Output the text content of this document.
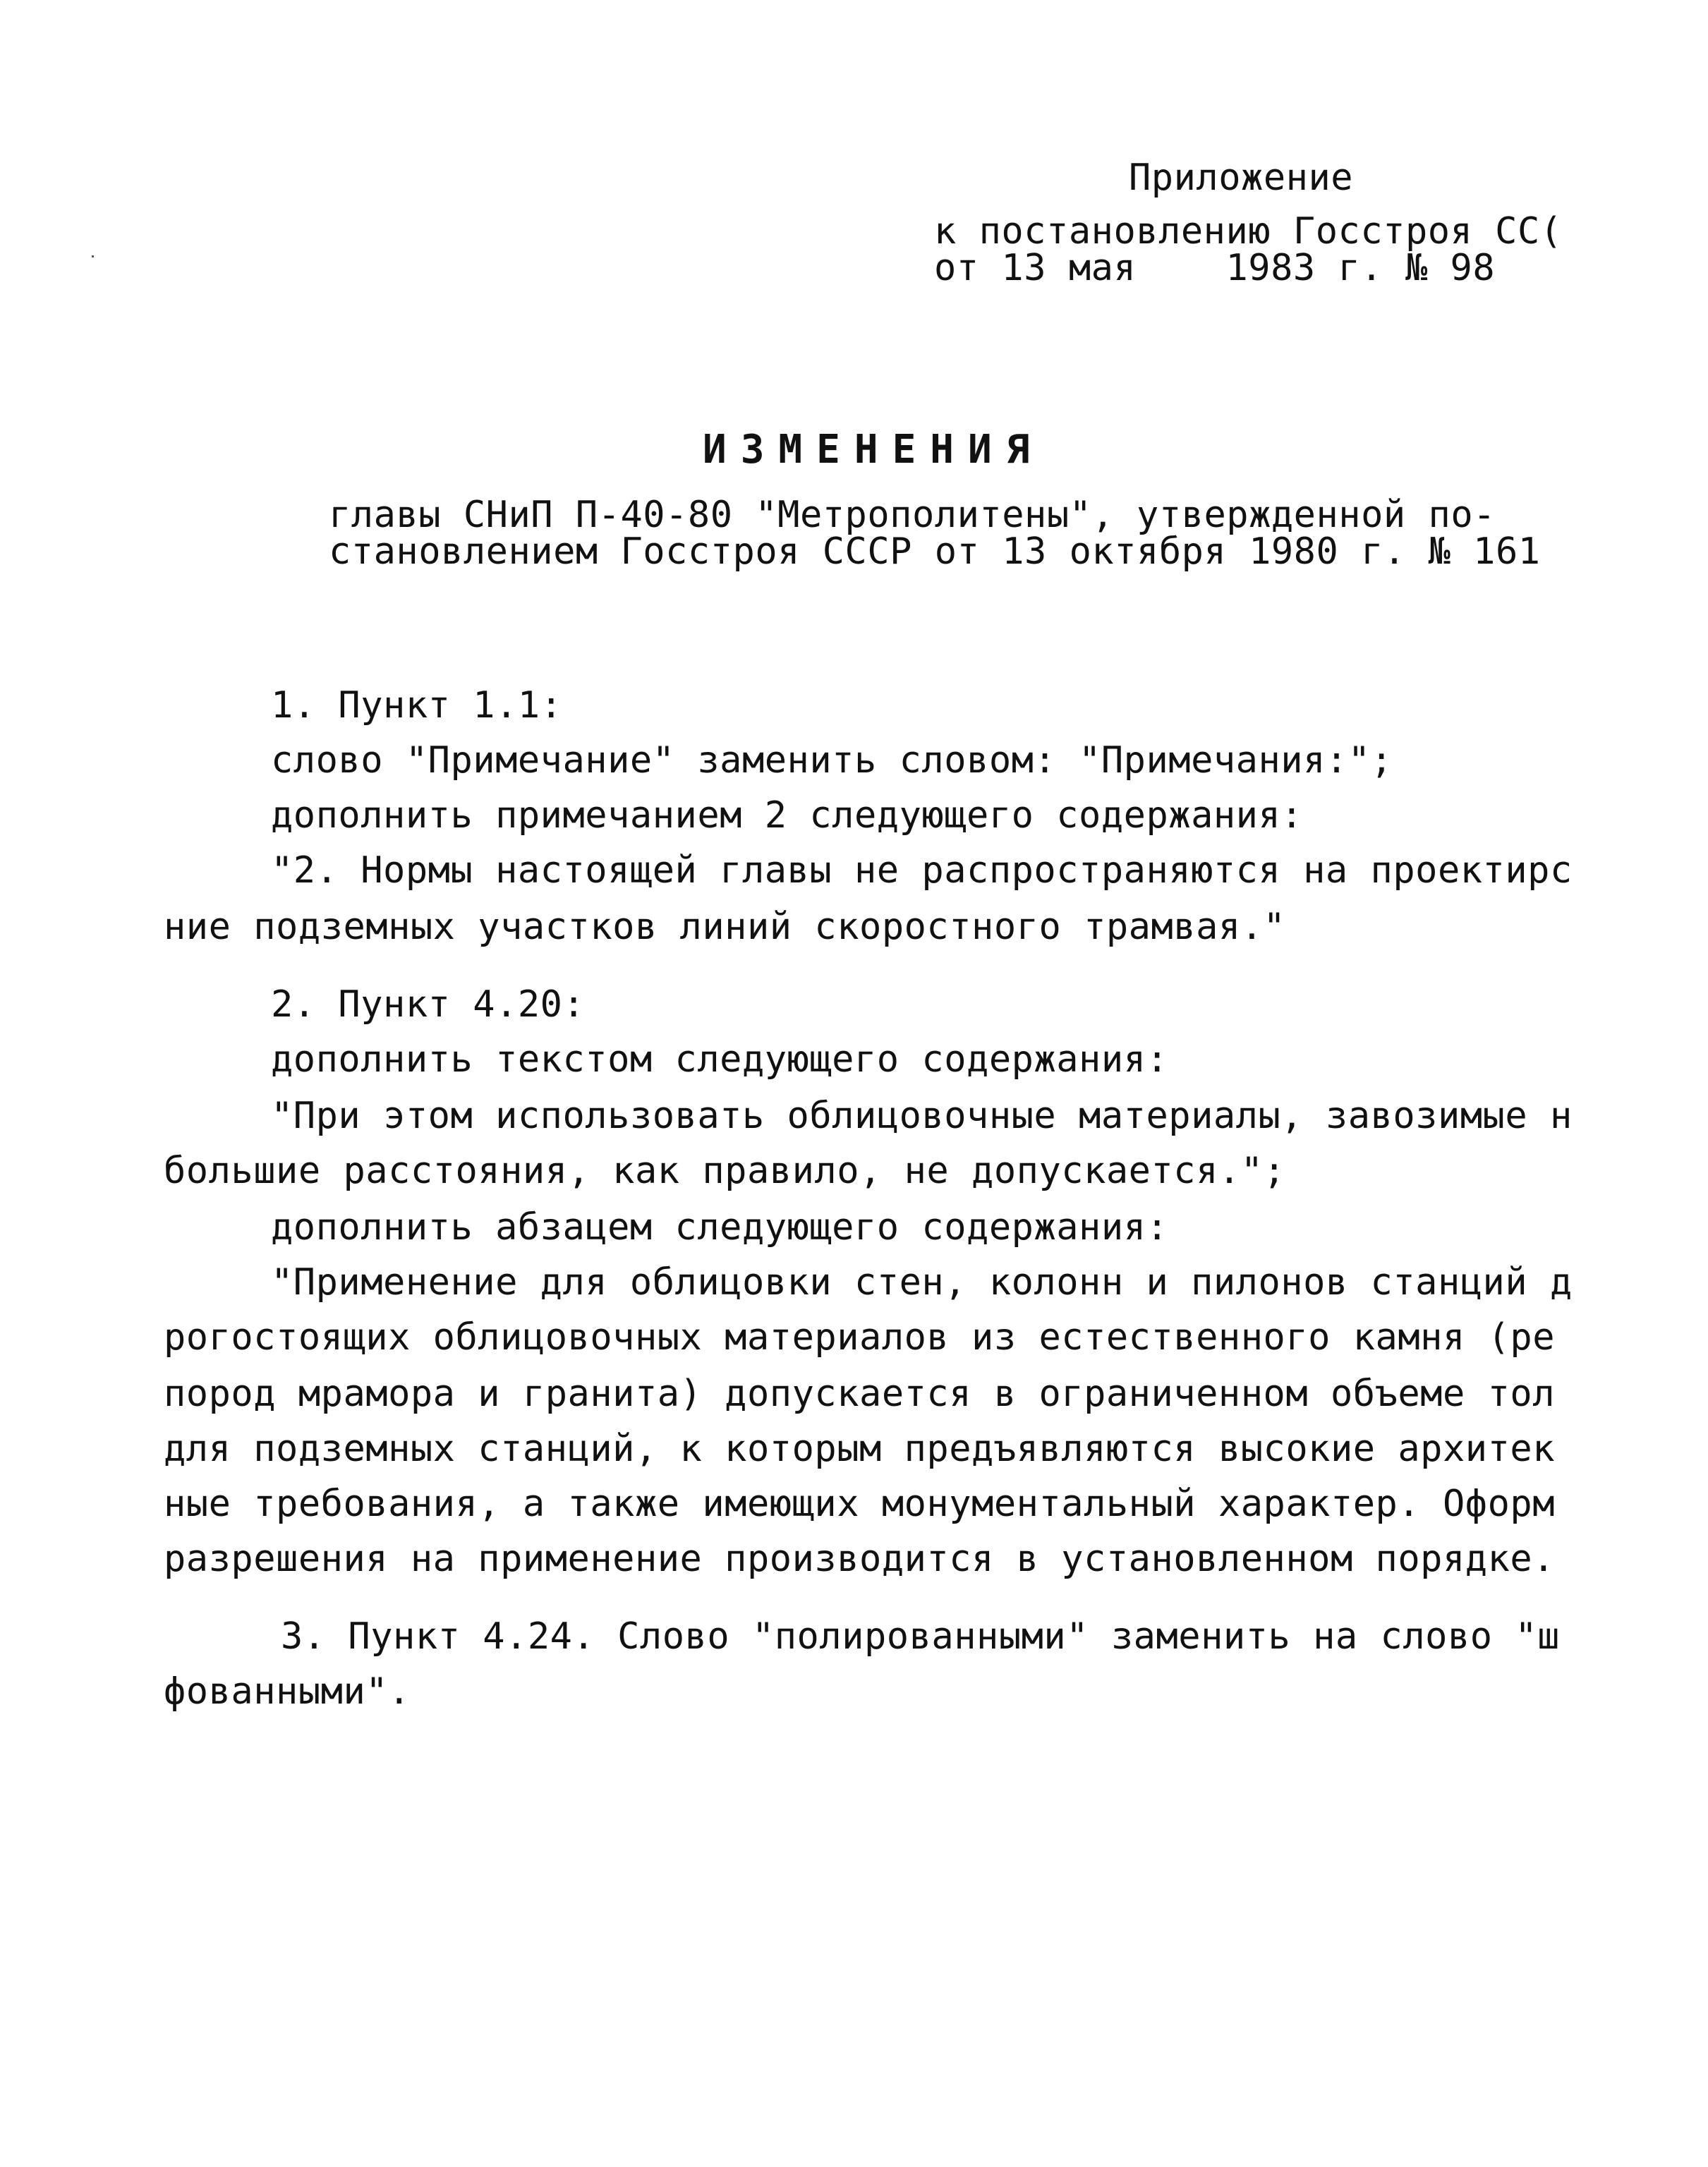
Приложение
к постановлению Госстроя СС(
от 13 мая    1983 г. № 98
ИЗМЕНЕНИЯ
главы СНиП П-40-80 "Метрополитены", утвержденной по-
становлением Госстроя СССР от 13 октября 1980 г. № 161
1. Пункт 1.1:
слово "Примечание" заменить словом: "Примечания:";
дополнить примечанием 2 следующего содержания:
"2. Нормы настоящей главы не распространяются на проектирс
ние подземных участков линий скоростного трамвая."
2. Пункт 4.20:
дополнить текстом следующего содержания:
"При этом использовать облицовочные материалы, завозимые н
большие расстояния, как правило, не допускается.";
дополнить абзацем следующего содержания:
"Применение для облицовки стен, колонн и пилонов станций д
рогостоящих облицовочных материалов из естественного камня (ре
пород мрамора и гранита) допускается в ограниченном объеме тол
для подземных станций, к которым предъявляются высокие архитек
ные требования, а также имеющих монументальный характер. Оформ
разрешения на применение производится в установленном порядке.
3. Пункт 4.24. Слово "полированными" заменить на слово "ш
фованными".
